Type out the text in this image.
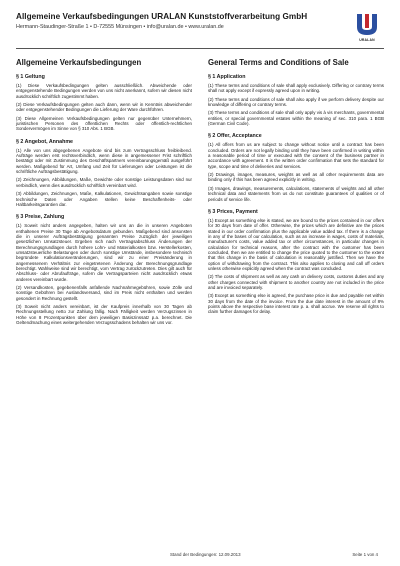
Allgemeine Verkaufsbedingungen URALAN Kunststoffverarbeitung GmbH

Hermann-Staudinger-Straße 1 • D-72555 Münsingen • info@uralan.de • www.uralan.de

URALAN
Allgemeine Verkaufsbedingungen	General Terms and Conditions of Sale
§ 1 Geltung

(1) Diese Verkaufsbedingungen gelten ausschließlich. Abweichende oder entgegenstehende Bedingungen werden von uns nicht anerkannt, sofern wir diesen nicht ausdrücklich schriftlich zugestimmt haben.

(2) Diese Verkaufsbedingungen gelten auch dann, wenn wir in Kenntnis abweichender oder entgegenstehender Bedingungen die Lieferung der Ware durchführen.

(3) Diese Allgemeinen Verkaufsbedingungen gelten nur gegenüber Unternehmern, juristischen Personen des öffentlichen Rechts oder öffentlich-rechtlichen Sondervermögen im Sinne von § 310 Abs. 1 BGB.

§ 2 Angebot, Annahme

(1) Alle von uns abgegebenen Angebote sind bis zum Vertragsschluss freibleibend. Aufträge werden erst rechtsverbindlich, wenn diese in angemessener Frist schriftlich bestätigt oder mit Zustimmung des Geschäftspartners vereinbarungsgemäß ausgeführt werden. Maßgebend für Art, Umfang und Zeit für Lieferungen oder Leistungen ist die schriftliche Auftragsbestätigung.

(2) Zeichnungen, Abbildungen, Maße, Gewichte oder sonstige Leistungsdaten sind nur verbindlich, wenn dies ausdrücklich schriftlich vereinbart wird.

(3) Abbildungen, Zeichnungen, Maße, Kalkulationen, Gewichtsangaben sowie sonstige technische Daten oder Angaben stellen keine Beschaffenheits- oder Haltbarkeitsgarantien dar.

§ 3 Preise, Zahlung

(1) Soweit nicht anders angegeben, halten wir uns an die in unseren Angeboten enthaltenen Preise 30 Tage ab Angebotsdatum gebunden. Maßgebend sind ansonsten die in unserer Auftragsbestätigung genannten Preise zuzüglich der jeweiligen gesetzlichen Umsatzsteuer. Ergeben sich nach Vertragsabschluss Änderungen der Berechnungsgrundlagen durch höhere Lohn- und Materialkosten bzw. Herstellerkosten, umsatzsteuerliche Belastungen oder durch sonstige Umstände, insbesondere technisch begründete Kalkulationsveränderungen, sind wir zu einer Preisänderung in angemessenem Verhältnis zur eingetretenen Änderung der Berechnungsgrundlage berechtigt. Wahlweise sind wir berechtigt, vom Vertrag zurückzutreten. Dies gilt auch für Abschluss- oder Abrufaufträge, sofern die Vertragsparteien nicht ausdrücklich etwas anderes vereinbart wurde.

(2) Versandkosten, gegebenenfalls anfallende Nachnahmegebühren, sowie Zölle und sonstige Gebühren bei Auslandsversand, sind im Preis nicht enthalten und werden gesondert in Rechnung gestellt.

(3) Soweit nicht anders vereinbart, ist der Kaufpreis innerhalb von 30 Tagen ab Rechnungsstellung netto zur Zahlung fällig. Nach Fälligkeit werden Verzugszinsen in Höhe von 8 Prozentpunkten über dem jeweiligen Basiszinssatz p.a. berechnet. Die Geltendmachung eines weitergehenden Verzugsschadens behalten wir uns vor.

§ 1 Application

(1) These terms and conditions of sale shall apply exclusively. Differing or contrary terms shall not apply except if expressly agreed upon in writing.

(2) These terms and conditions of sale shall also apply if we perform delivery despite our knowledge of differing or contrary terms.

(3) These terms and conditions of sale shall only apply vis à vis merchants, governmental entities, or special governmental estates within the meaning of sec. 310 para. 1 BGB (German Civil Code).

§ 2 Offer, Acceptance

(1) All offers from us are subject to change without notice until a contract has been concluded. Orders are not legally binding until they have been confirmed in writing within a reasonable period of time or executed with the consent of the business partner in accordance with agreement. It is the written order confirmation that sets the standard for type, scope and time of deliveries and services.

(2) Drawings, images, measures, weights as well as all other requirements data are binding only if this has been agreed explicitly in writing.

(3) Images, drawings, measurements, calculations, statements of weights and all other technical data and statements from us do not constitute guarantees of qualities or of periods of service life.

§ 3 Prices, Payment

(1) Except as something else is stated, we are bound to the prices contained in our offers for 30 days from date of offer. Otherwise, the prices which are definitive are the prices stated in our order confirmation plus the applicable value added tax. If there is a change in any of the bases of our calculation, such as an increase in wages, costs of materials, manufacturer's costs, value added tax or other circumstances, in particular changes in calculation for technical reasons, after the contract with the customer has been concluded, then we are entitled to change the price quoted to the customer to the extent that this change in the basis of calculation is reasonably justified. Then we have the option of withdrawing from the contract. This also applies to closing and call off orders unless otherwise explicitly agreed when the contract was concluded.

(2) The costs of shipment as well as any cash on delivery costs, customs duties and any other charges connected with shipment to another country are not included in the price and are invoiced separately.

(3) Except as something else is agreed, the purchase price is due and payable net within 30 days from the date of the invoice. From the due date interest in the amount of 8% points above the respective base interest rate p. a. shall accrue. We reserve all rights to claim further damages for delay.

Stand der Bedingungen: 12.09.2013	Seite 1 von 4
